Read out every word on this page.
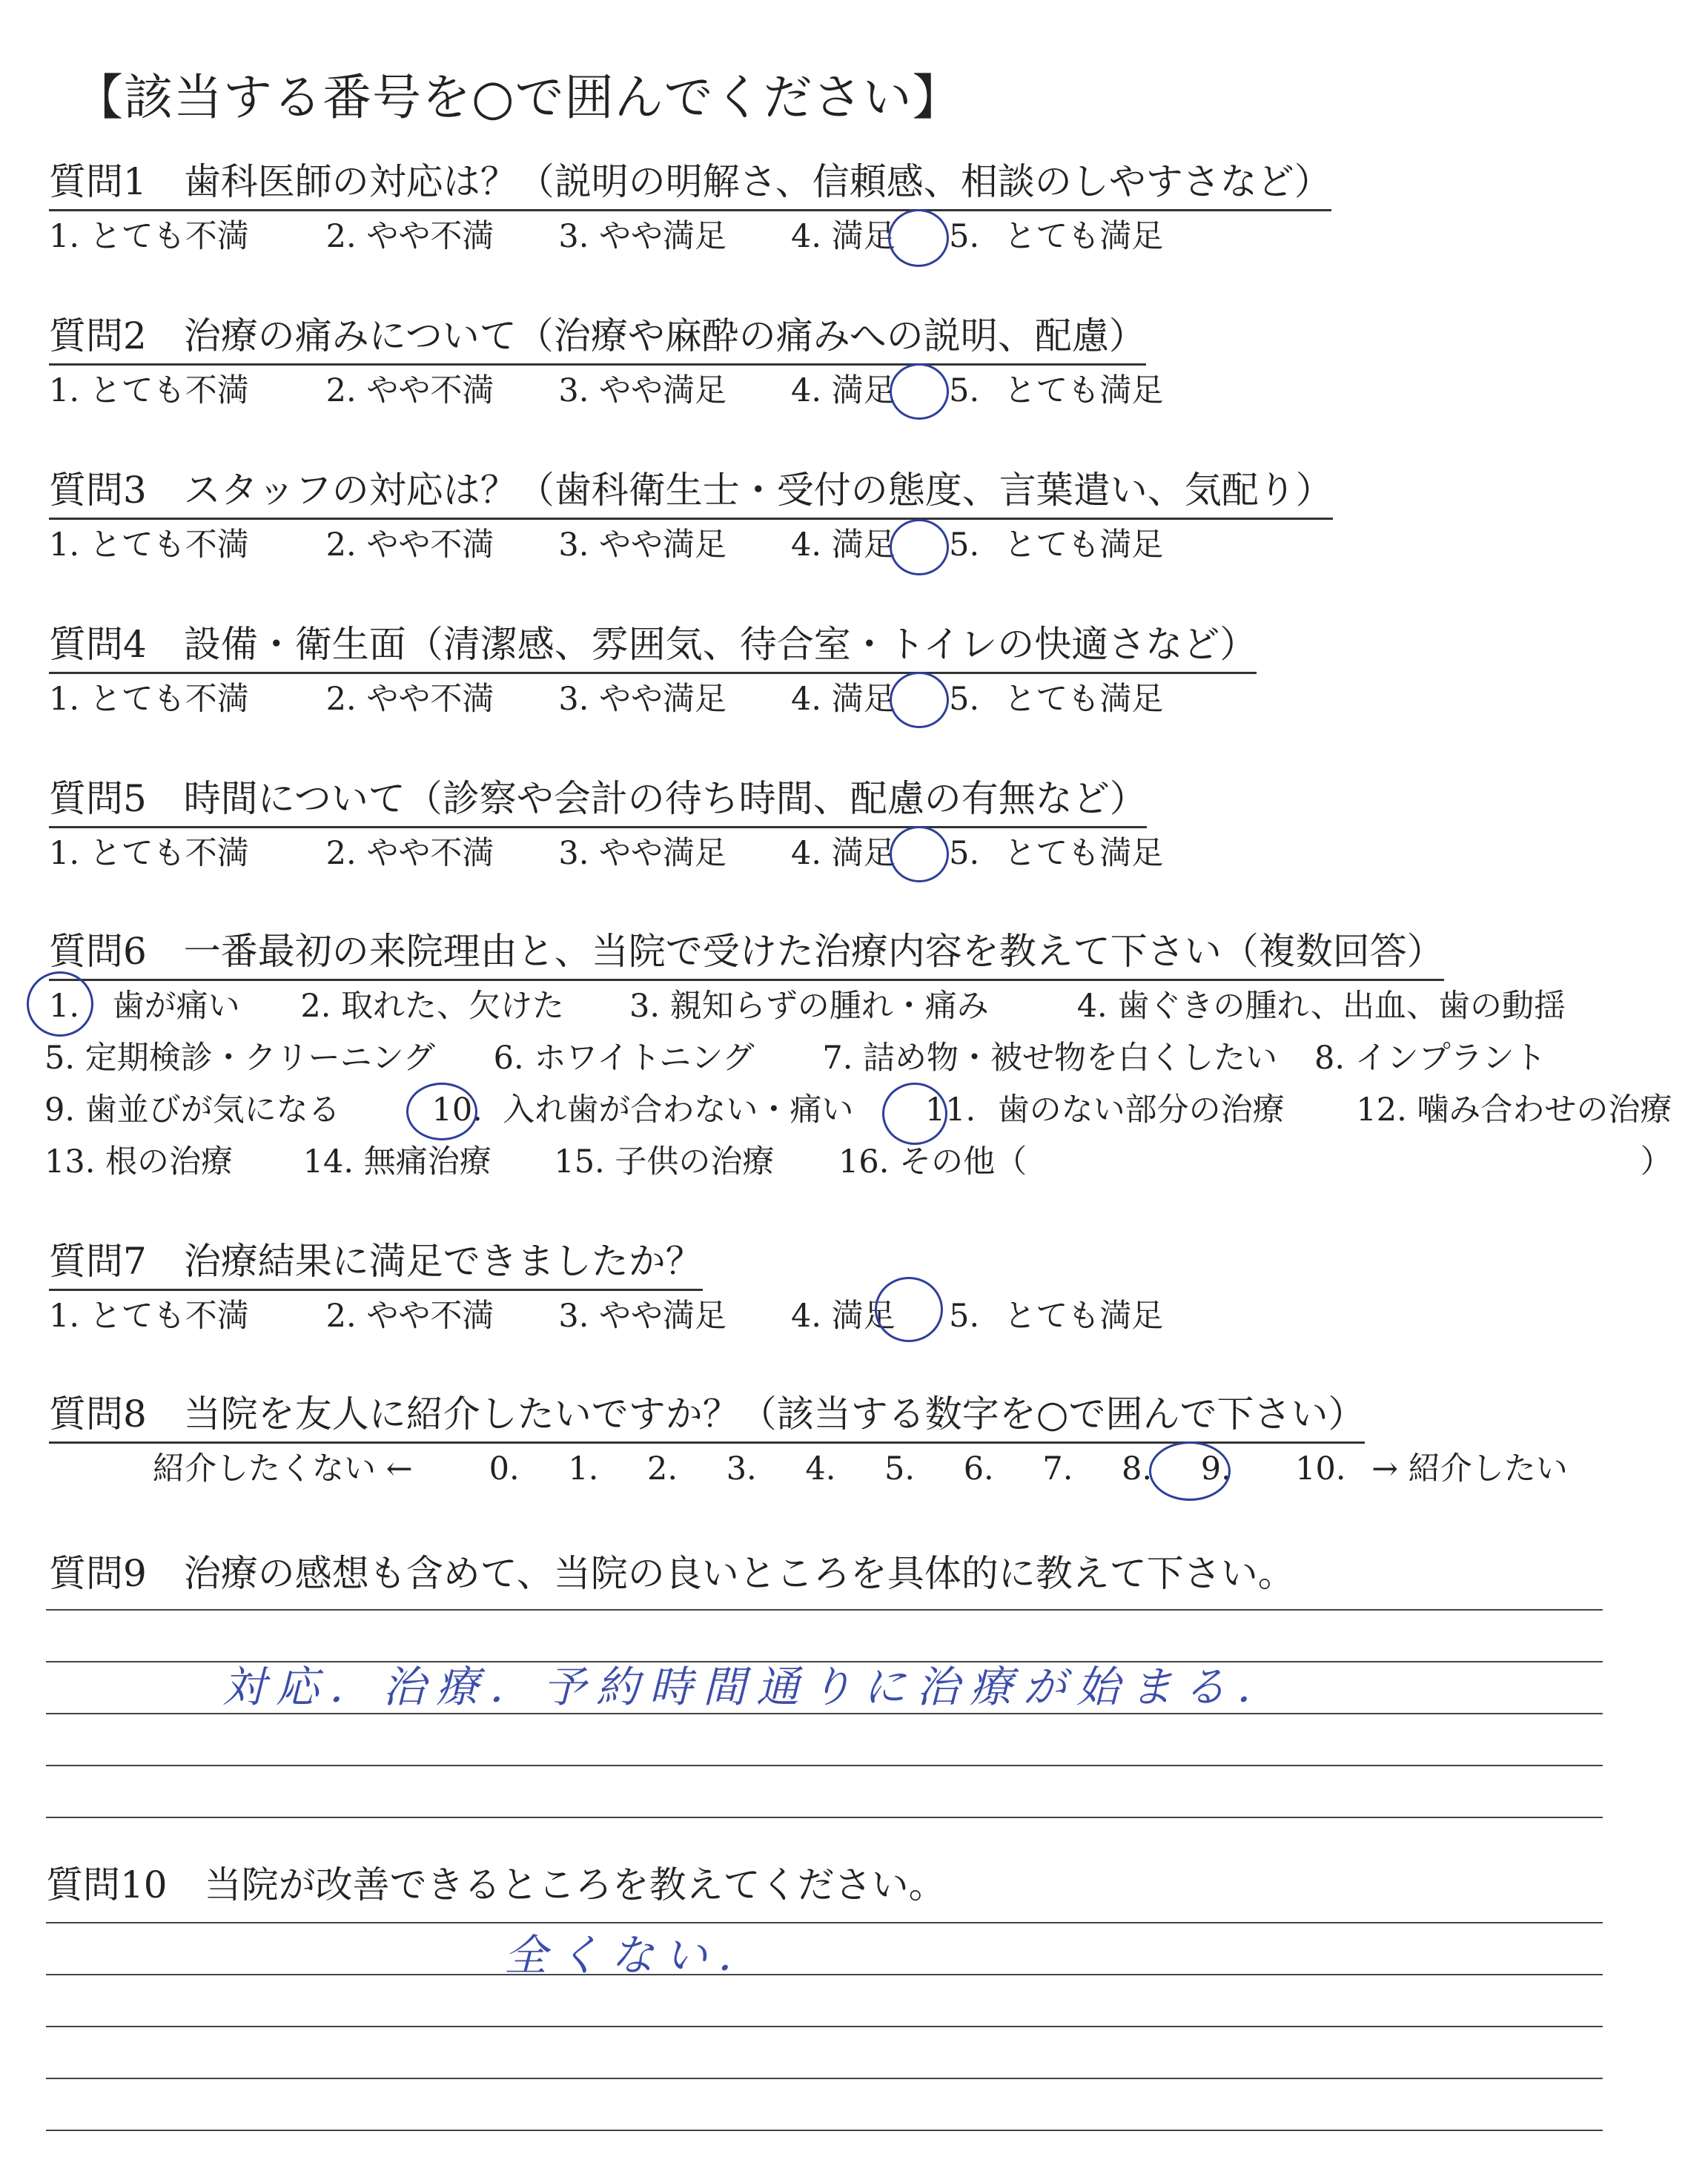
【該当する番号を○で囲んでください】
質問1　歯科医師の対応は？（説明の明解さ、信頼感、相談のしやすさなど）
1. とても不満 2. やや不満 3. やや満足 4. 満足 5. とても満足
質問2　治療の痛みについて（治療や麻酔の痛みへの説明、配慮）
1. とても不満 2. やや不満 3. やや満足 4. 満足 5. とても満足
質問3　スタッフの対応は？（歯科衛生士・受付の態度、言葉遣い、気配り）
1. とても不満 2. やや不満 3. やや満足 4. 満足 5. とても満足
質問4　設備・衛生面（清潔感、雰囲気、待合室・トイレの快適さなど）
1. とても不満 2. やや不満 3. やや満足 4. 満足 5. とても満足
質問5　時間について（診察や会計の待ち時間、配慮の有無など）
1. とても不満 2. やや不満 3. やや満足 4. 満足 5. とても満足
質問6　一番最初の来院理由と、当院で受けた治療内容を教えて下さい（複数回答）
1. 歯が痛い 2. 取れた、欠けた 3. 親知らずの腫れ・痛み	4. 歯ぐきの腫れ、出血、歯の動揺
5. 定期検診・クリーニング 6. ホワイトニング 7. 詰め物・被せ物を白くしたい 8. インプラント
9. 歯並びが気になる	10. 入れ歯が合わない・痛い 11. 歯のない部分の治療 12. 噛み合わせの治療
13. 根の治療 14. 無痛治療 15. 子供の治療 16. その他（	）
質問7　治療結果に満足できましたか？
1. とても不満 2. やや不満 3. やや満足 4. 満足 5. とても満足
質問8　当院を友人に紹介したいですか？（該当する数字を○で囲んで下さい）
紹介したくない ← 0. 1. 2. 3. 4. 5. 6. 7. 8. 9. 10. → 紹介したい
質問9　治療の感想も含めて、当院の良いところを具体的に教えて下さい。
対応．治療．予約時間通りに治療が始まる．
質問10　当院が改善できるところを教えてください。
全くない．
